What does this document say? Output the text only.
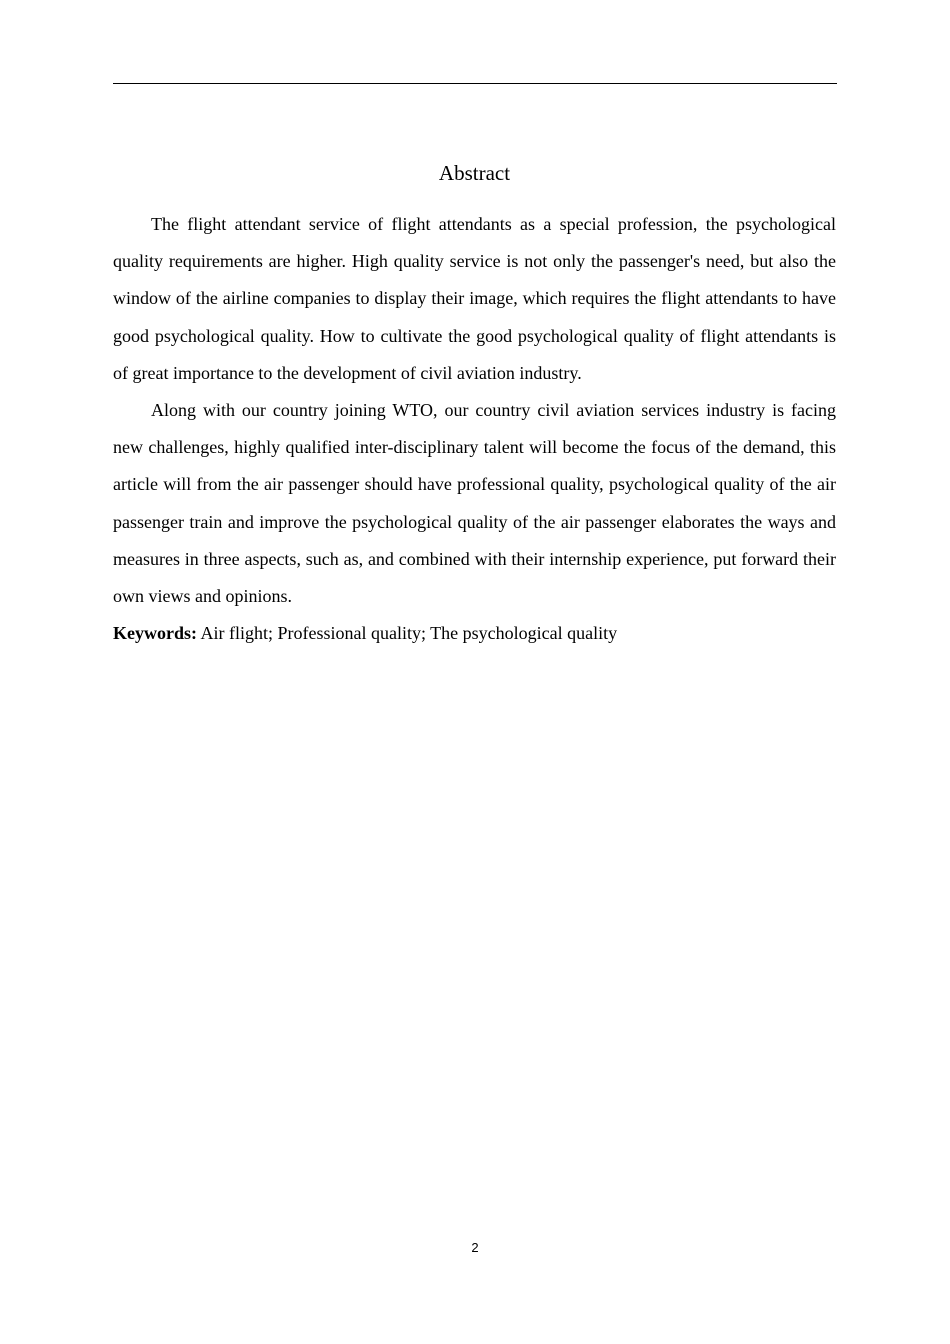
Abstract

The flight attendant service of flight attendants as a special profession, the psychological quality requirements are higher. High quality service is not only the passenger's need, but also the window of the airline companies to display their image, which requires the flight attendants to have good psychological quality. How to cultivate the good psychological quality of flight attendants is of great importance to the development of civil aviation industry.

Along with our country joining WTO, our country civil aviation services industry is facing new challenges, highly qualified inter-disciplinary talent will become the focus of the demand, this article will from the air passenger should have professional quality, psychological quality of the air passenger train and improve the psychological quality of the air passenger elaborates the ways and measures in three aspects, such as, and combined with their internship experience, put forward their own views and opinions.

Keywords: Air flight; Professional quality; The psychological quality

2
